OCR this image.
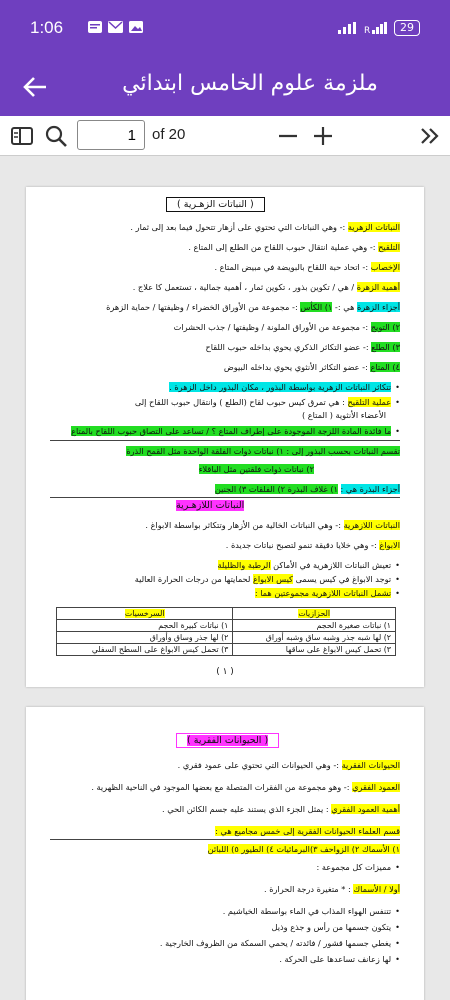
1:06	R	29
ملزمة علوم الخامس ابتدائي
1
of 20
( النباتات الزهـرية )
النباتات الزهرية :- وهي النباتات التي تحتوي على أزهار تتحول فيما بعد إلى ثمار .
التلقيح :- وهي عملية انتقال حبوب اللقاح من الطلع إلى المتاع .
الإخصاب :- اتحاد حبة اللقاح بالبويضة في مبيض المتاع .
أهمية الزهرة / هي / تكوين بذور ، تكوين ثمار ، أهمية جمالية ، تستعمل كا علاج .
أجزاء الزهرة هي :- ١) الكأس :- مجموعة من الأوراق الخضراء / وظيفتها / حماية الزهرة
٢) التويج :- مجموعة من الأوراق الملونة / وظيفتها / جذب الحشرات
٣) الطلع :- عضو التكاثر الذكري يحوي بداخله حبوب اللقاح
٤) المتاع :- عضو التكاثر الأنثوي يحوي بداخله البيوض
• تتكاثر النباتات الزهرية بواسطة البذور ، مكان البذور داخل الزهرة .
• عملية التلقيح : هي تمرق كيس حبوب لقاح (الطلع ) وانتقال حبوب اللقاح إلى
الأعضاء الأنثوية ( المتاع )
• ما فائدة المادة اللزجة الموجودة على إطراف المتاع ؟ / تساعد على التصاق حبوب اللقاح بالمتاع
تقسم النباتات بحسب البذور إلى : ١) نباتات ذوات الفلقة الواحدة مثل القمح الذرة
٢) نباتات ذوات فلقتين مثل الباقلاء
أجزاء البذرة هي : ١) غلاف البذرة ٢) الفلقات ٣) الجنين
النباتات اللازهـرية
النباتات اللازهرية :- وهي النباتات الخالية من الأزهار وتتكاثر بواسطة الابواغ .
الابواغ :- وهي خلايا دقيقة تنمو لتصبح نباتات جديدة .
• تعيش النباتات اللازهرية في الأماكن الرطبة والظليلة
• توجد الابواغ في كيس يسمى كيس الابواغ لحمايتها من درجات الحرارة العالية
• تشمل النباتات اللازهرية مجموعتين هما :
الحزازيات	السرخسيات
١) نباتات صغيرة الحجم	١) نباتات كبيرة الحجم
٢) لها شبه جذر وشبه ساق وشبه أوراق	٢) لها جذر وساق وأوراق
٣) تحمل كيس الابواغ على ساقها	٣) تحمل كيس الابواغ على السطح السفلي
( ١ )
( الحيوانات الفقرية )
الحيوانات الفقرية :- وهي الحيوانات التي تحتوي على عمود فقري .
العمود الفقري :- وهو مجموعة من الفقرات المتصلة مع بعضها الموجود في الناحية الظهرية .
أهمية العمود الفقري : يمثل الجزء الذي يستند عليه جسم الكائن الحي .
قسم العلماء الحيوانات الفقرية إلى خمس مجاميع هي :
١) الأسماك ٢) الزواحف ٣)البرمائيات ٤) الطيور ٥) اللبائن
• مميزات كل مجموعة :
أولا / الأسماك : * متغيرة درجة الحرارة .
• تتنفس الهواء المذاب في الماء بواسطة الخياشيم .
• يتكون جسمها من رأس و جذع وذيل
• يغطي جسمها قشور / فائدته / يحمي السمكة من الظروف الخارجية .
• لها زعانف تساعدها على الحركة .
